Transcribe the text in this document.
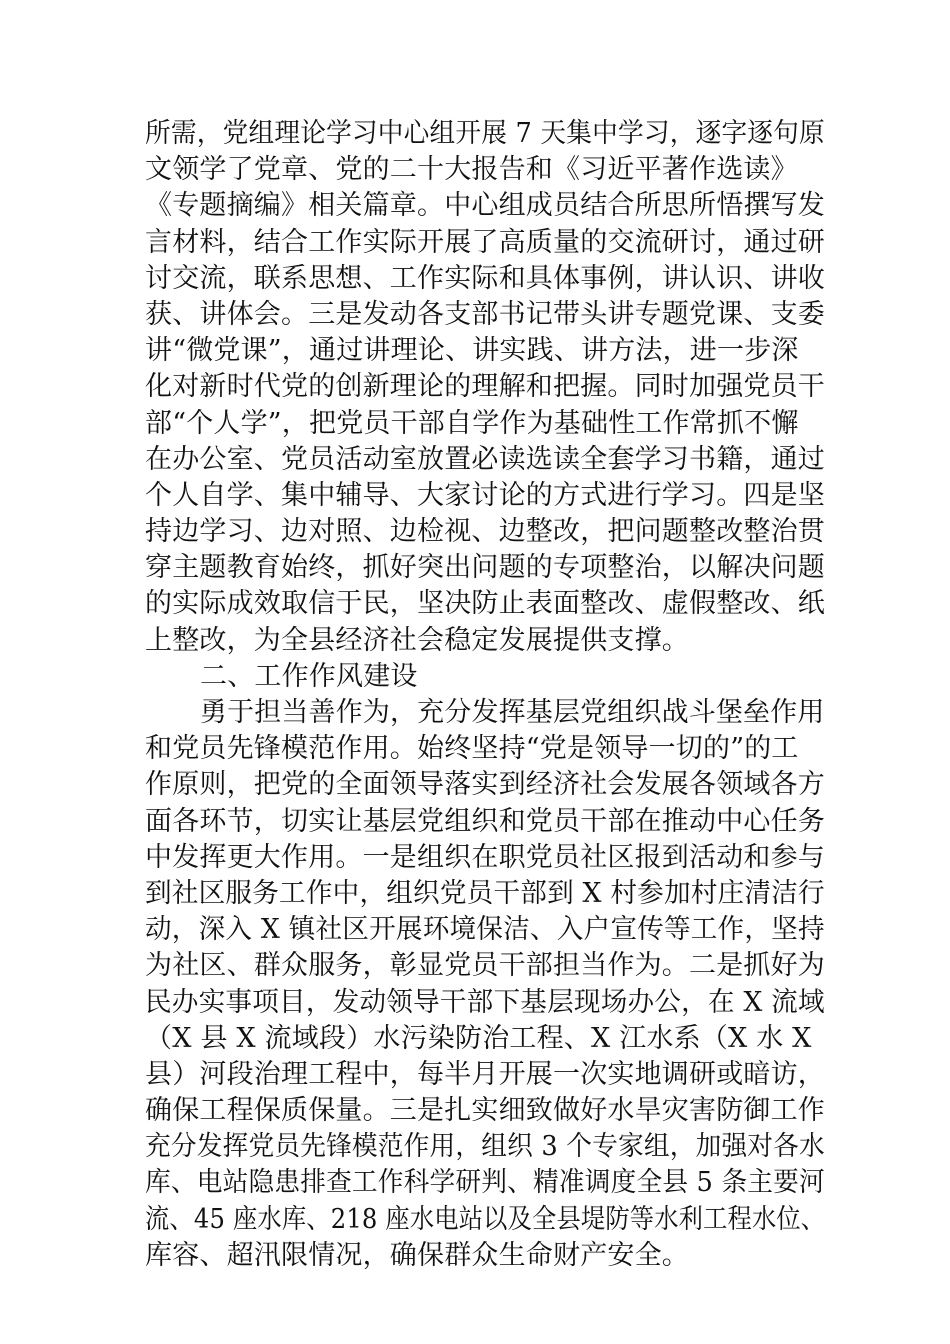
所需，党组理论学习中心组开展 7 天集中学习，逐字逐句原
文领学了党章、党的二十大报告和《习近平著作选读》
《专题摘编》相关篇章。中心组成员结合所思所悟撰写发
言材料，结合工作实际开展了高质量的交流研讨，通过研
讨交流，联系思想、工作实际和具体事例，讲认识、讲收
获、讲体会。三是发动各支部书记带头讲专题党课、支委
讲“微党课”，通过讲理论、讲实践、讲方法，进一步深
化对新时代党的创新理论的理解和把握。同时加强党员干
部“个人学”，把党员干部自学作为基础性工作常抓不懈
在办公室、党员活动室放置必读选读全套学习书籍，通过
个人自学、集中辅导、大家讨论的方式进行学习。四是坚
持边学习、边对照、边检视、边整改，把问题整改整治贯
穿主题教育始终，抓好突出问题的专项整治，以解决问题
的实际成效取信于民，坚决防止表面整改、虚假整改、纸
上整改，为全县经济社会稳定发展提供支撑。
二、工作作风建设
勇于担当善作为，充分发挥基层党组织战斗堡垒作用
和党员先锋模范作用。始终坚持“党是领导一切的”的工
作原则，把党的全面领导落实到经济社会发展各领域各方
面各环节，切实让基层党组织和党员干部在推动中心任务
中发挥更大作用。一是组织在职党员社区报到活动和参与
到社区服务工作中，组织党员干部到 X 村参加村庄清洁行
动，深入 X 镇社区开展环境保洁、入户宣传等工作，坚持
为社区、群众服务，彰显党员干部担当作为。二是抓好为
民办实事项目，发动领导干部下基层现场办公，在 X 流域
（X 县 X 流域段）水污染防治工程、X 江水系（X 水 X
县）河段治理工程中，每半月开展一次实地调研或暗访，
确保工程保质保量。三是扎实细致做好水旱灾害防御工作
充分发挥党员先锋模范作用，组织 3 个专家组，加强对各水
库、电站隐患排查工作科学研判、精准调度全县 5 条主要河
流、45 座水库、218 座水电站以及全县堤防等水利工程水位、
库容、超汛限情况，确保群众生命财产安全。
